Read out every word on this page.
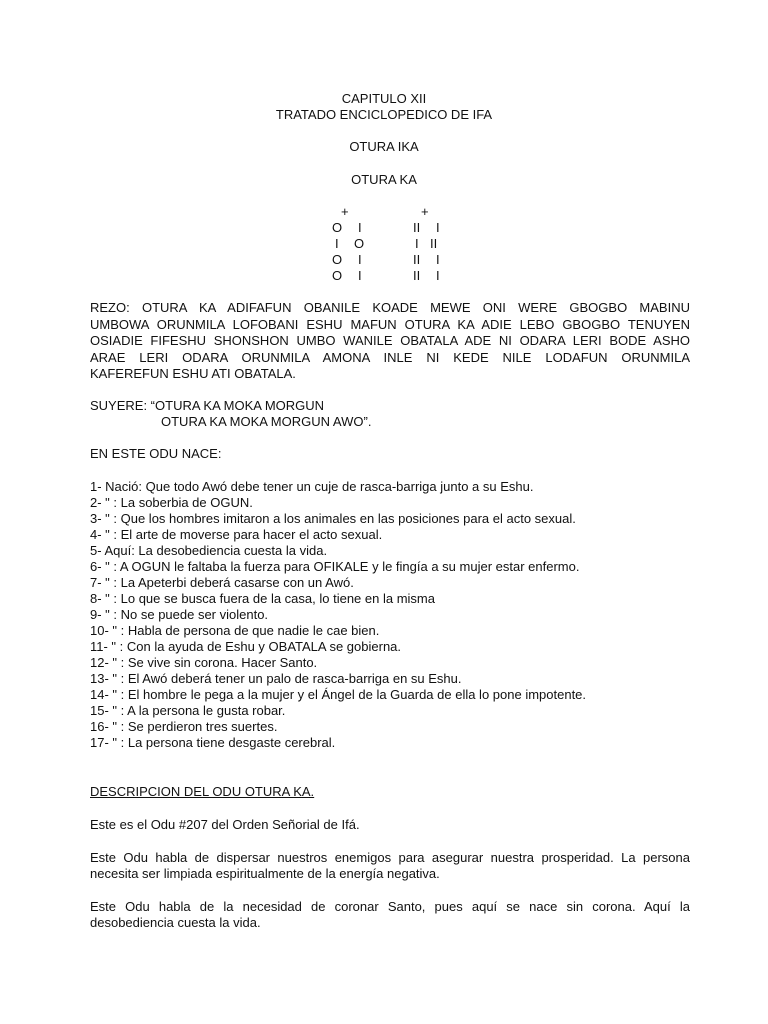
CAPITULO XII
TRATADO ENCICLOPEDICO DE IFA
OTURA IKA
OTURA KA
+	+
O I	II I
I O	I II
O I	II I
O I	II I
REZO: OTURA KA ADIFAFUN OBANILE KOADE MEWE ONI WERE GBOGBO MABINU
UMBOWA ORUNMILA LOFOBANI ESHU MAFUN OTURA KA ADIE LEBO GBOGBO TENUYEN
OSIADIE FIFESHU SHONSHON UMBO WANILE OBATALA ADE NI ODARA LERI BODE ASHO
ARAE LERI ODARA ORUNMILA AMONA INLE NI KEDE NILE LODAFUN ORUNMILA
KAFEREFUN ESHU ATI OBATALA.
SUYERE: “OTURA KA MOKA MORGUN
OTURA KA MOKA MORGUN AWO”.
EN ESTE ODU NACE:
1- Nació: Que todo Awó debe tener un cuje de rasca-barriga junto a su Eshu.
2- " : La soberbia de OGUN.
3- " : Que los hombres imitaron a los animales en las posiciones para el acto sexual.
4- " : El arte de moverse para hacer el acto sexual.
5- Aquí: La desobediencia cuesta la vida.
6- " : A OGUN le faltaba la fuerza para OFIKALE y le fingía a su mujer estar enfermo.
7- " : La Apeterbi deberá casarse con un Awó.
8- " : Lo que se busca fuera de la casa, lo tiene en la misma
9- " : No se puede ser violento.
10- " : Habla de persona de que nadie le cae bien.
11- " : Con la ayuda de Eshu y OBATALA se gobierna.
12- " : Se vive sin corona. Hacer Santo.
13- " : El Awó deberá tener un palo de rasca-barriga en su Eshu.
14- " : El hombre le pega a la mujer y el Ángel de la Guarda de ella lo pone impotente.
15- " : A la persona le gusta robar.
16- " : Se perdieron tres suertes.
17- " : La persona tiene desgaste cerebral.
DESCRIPCION DEL ODU OTURA KA.
Este es el Odu #207 del Orden Señorial de Ifá.
Este Odu habla de dispersar nuestros enemigos para asegurar nuestra prosperidad. La persona
necesita ser limpiada espiritualmente de la energía negativa.
Este Odu habla de la necesidad de coronar Santo, pues aquí se nace sin corona. Aquí la
desobediencia cuesta la vida.
